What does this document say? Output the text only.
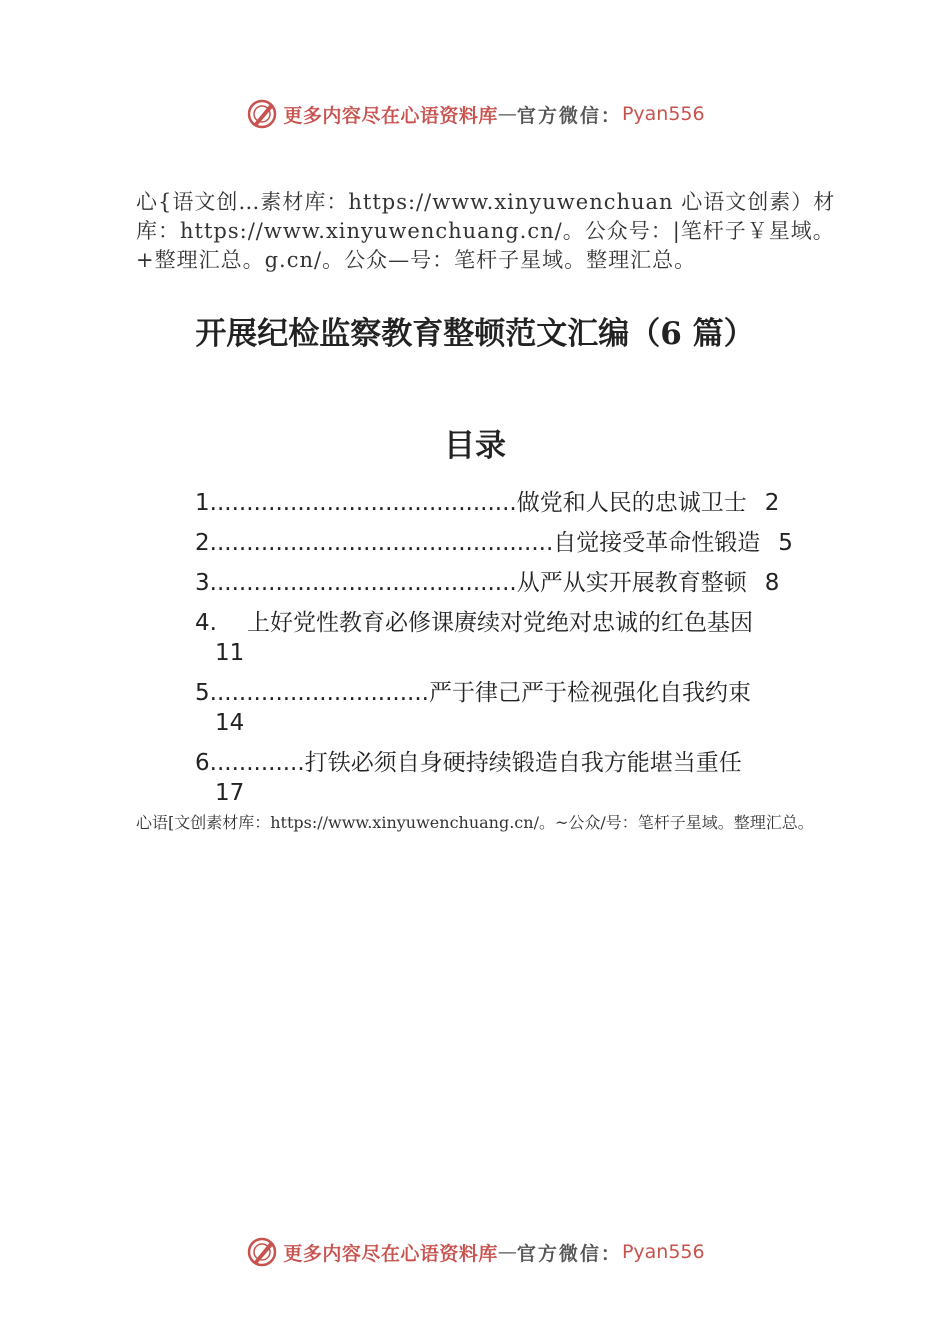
更多内容尽在心语资料库 — 官方微信： Pyan556

心{语文创…素材库：https://www.xinyuwenchuan 心语文创素）材库：https://www.xinyuwenchuang.cn/。公众号：|笔杆子￥星域。+整理汇总。g.cn/。公众—号：笔杆子星域。整理汇总。

开展纪检监察教育整顿范文汇编（6 篇）
目录
1 .......................................... 做党和人民的忠诚卫士 2
2 ............................................... 自觉接受革命性锻造 5
3 .......................................... 从严从实开展教育整顿 8
4. 上好党性教育必修课赓续对党绝对忠诚的红色基因
11
5 .............................. 严于律己严于检视强化自我约束
14
6 ............. 打铁必须自身硬持续锻造自我方能堪当重任
17

心语[文创素材库：https://www.xinyuwenchuang.cn/。~公众/号：笔杆子星域。整理汇总。

更多内容尽在心语资料库 — 官方微信： Pyan556
